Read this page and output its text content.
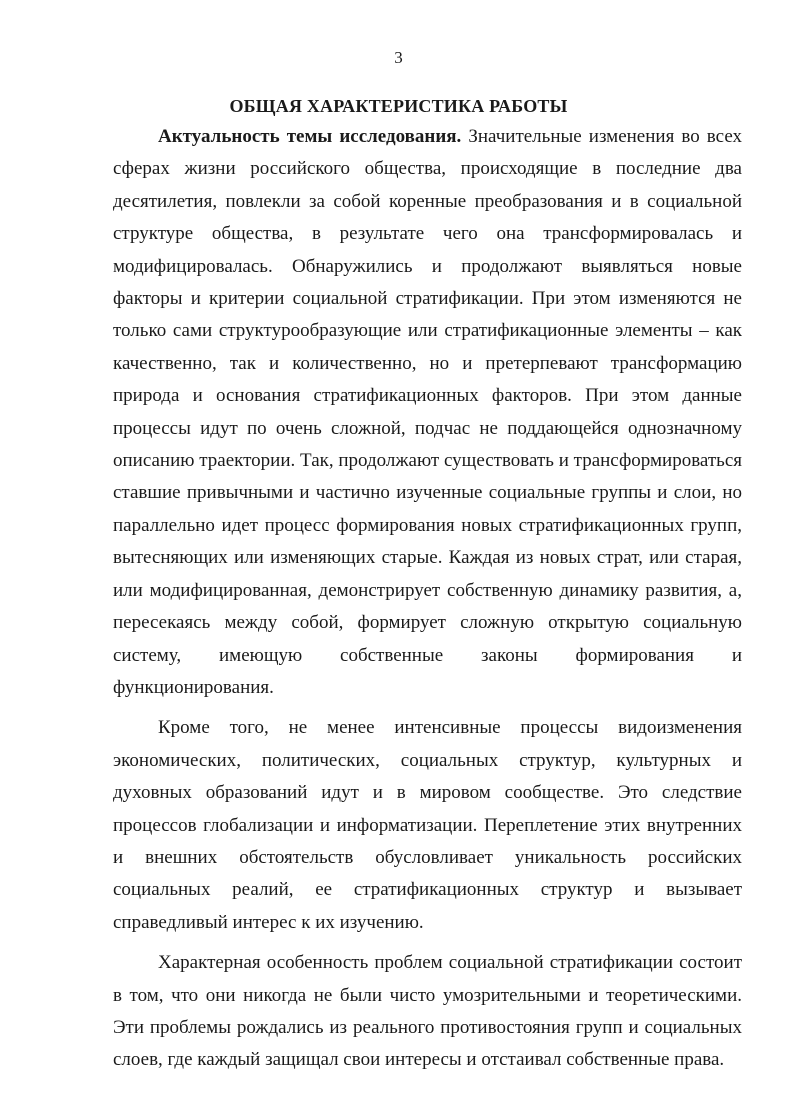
3
ОБЩАЯ ХАРАКТЕРИСТИКА РАБОТЫ

Актуальность темы исследования. Значительные изменения во всех сферах жизни российского общества, происходящие в последние два десятилетия, повлекли за собой коренные преобразования и в социальной структуре общества, в результате чего она трансформировалась и модифицировалась. Обнаружились и продолжают выявляться новые факторы и критерии социальной стратификации. При этом изменяются не только сами структурообразующие или стратификационные элементы – как качественно, так и количественно, но и претерпевают трансформацию природа и основания стратификационных факторов. При этом данные процессы идут по очень сложной, подчас не поддающейся однозначному описанию траектории. Так, продолжают существовать и трансформироваться ставшие привычными и частично изученные социальные группы и слои, но параллельно идет процесс формирования новых стратификационных групп, вытесняющих или изменяющих старые. Каждая из новых страт, или старая, или модифицированная, демонстрирует собственную динамику развития, а, пересекаясь между собой, формирует сложную открытую социальную систему, имеющую собственные законы формирования и функционирования.

Кроме того, не менее интенсивные процессы видоизменения экономических, политических, социальных структур, культурных и духовных образований идут и в мировом сообществе. Это следствие процессов глобализации и информатизации. Переплетение этих внутренних и внешних обстоятельств обусловливает уникальность российских социальных реалий, ее стратификационных структур и вызывает справедливый интерес к их изучению.

Характерная особенность проблем социальной стратификации состоит в том, что они никогда не были чисто умозрительными и теоретическими. Эти проблемы рождались из реального противостояния групп и социальных слоев, где каждый защищал свои интересы и отстаивал собственные права.
